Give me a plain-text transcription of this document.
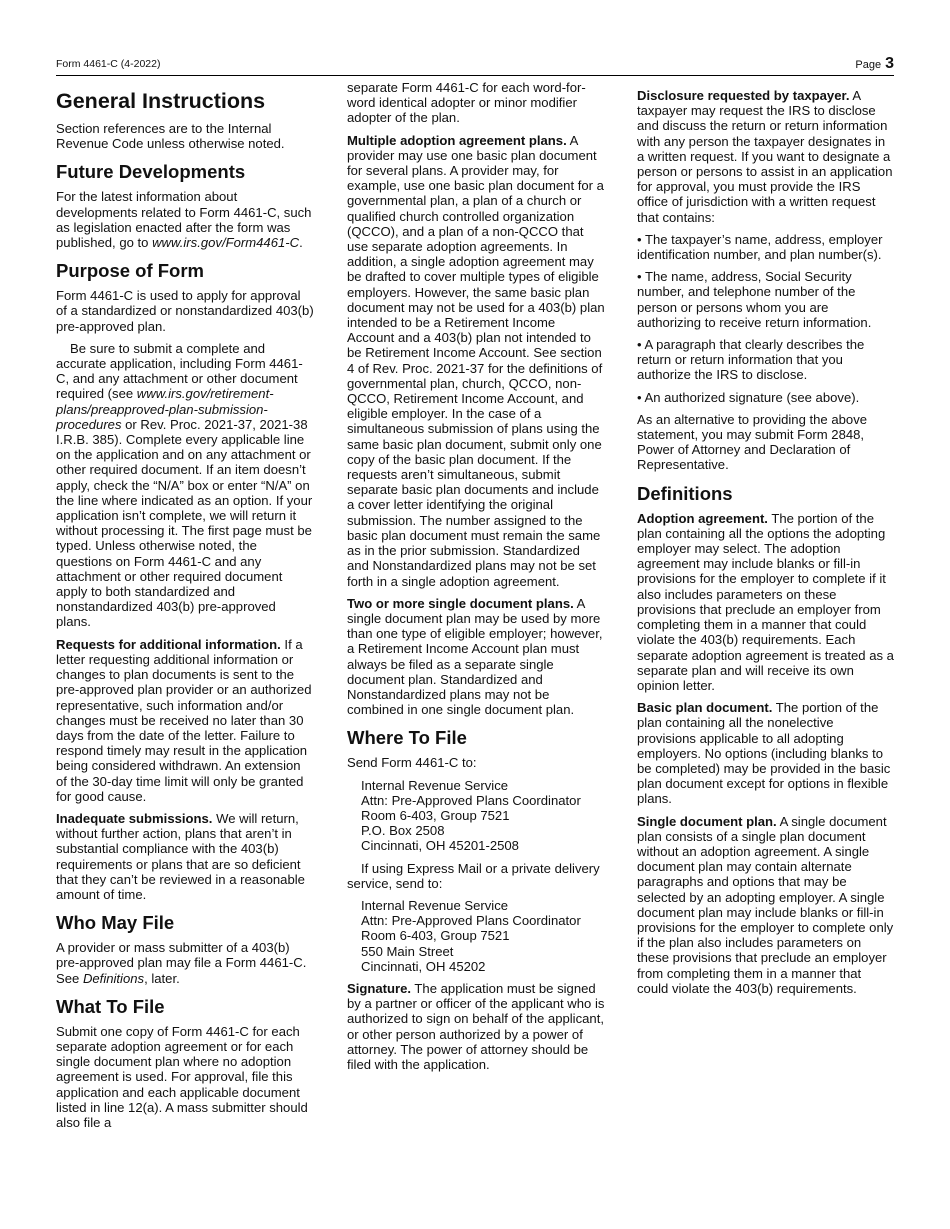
Form 4461-C (4-2022)	Page 3
General Instructions

Section references are to the Internal Revenue Code unless otherwise noted.

Future Developments

For the latest information about developments related to Form 4461-C, such as legislation enacted after the form was published, go to www.irs.gov/Form4461-C.

Purpose of Form

Form 4461-C is used to apply for approval of a standardized or nonstandardized 403(b) pre-approved plan.

Be sure to submit a complete and accurate application, including Form 4461-C, and any attachment or other document required (see www.irs.gov/retirement-plans/preapproved-plan-submission-procedures or Rev. Proc. 2021-37, 2021-38 I.R.B. 385). Complete every applicable line on the application and on any attachment or other required document. If an item doesn’t apply, check the “N/A” box or enter “N/A” on the line where indicated as an option. If your application isn’t complete, we will return it without processing it. The first page must be typed. Unless otherwise noted, the questions on Form 4461-C and any attachment or other required document apply to both standardized and nonstandardized 403(b) pre-approved plans.

Requests for additional information. If a letter requesting additional information or changes to plan documents is sent to the pre-approved plan provider or an authorized representative, such information and/or changes must be received no later than 30 days from the date of the letter. Failure to respond timely may result in the application being considered withdrawn. An extension of the 30-day time limit will only be granted for good cause.

Inadequate submissions. We will return, without further action, plans that aren’t in substantial compliance with the 403(b) requirements or plans that are so deficient that they can’t be reviewed in a reasonable amount of time.

Who May File

A provider or mass submitter of a 403(b) pre-approved plan may file a Form 4461-C. See Definitions, later.

What To File

Submit one copy of Form 4461-C for each separate adoption agreement or for each single document plan where no adoption agreement is used. For approval, file this application and each applicable document listed in line 12(a). A mass submitter should also file a

separate Form 4461-C for each word-for-word identical adopter or minor modifier adopter of the plan.

Multiple adoption agreement plans. A provider may use one basic plan document for several plans. A provider may, for example, use one basic plan document for a governmental plan, a plan of a church or qualified church controlled organization (QCCO), and a plan of a non-QCCO that use separate adoption agreements. In addition, a single adoption agreement may be drafted to cover multiple types of eligible employers. However, the same basic plan document may not be used for a 403(b) plan intended to be a Retirement Income Account and a 403(b) plan not intended to be Retirement Income Account. See section 4 of Rev. Proc. 2021-37 for the definitions of governmental plan, church, QCCO, non-QCCO, Retirement Income Account, and eligible employer. In the case of a simultaneous submission of plans using the same basic plan document, submit only one copy of the basic plan document. If the requests aren’t simultaneous, submit separate basic plan documents and include a cover letter identifying the original submission. The number assigned to the basic plan document must remain the same as in the prior submission. Standardized and Nonstandardized plans may not be set forth in a single adoption agreement.

Two or more single document plans. A single document plan may be used by more than one type of eligible employer; however, a Retirement Income Account plan must always be filed as a separate single document plan. Standardized and Nonstandardized plans may not be combined in one single document plan.

Where To File

Send Form 4461-C to:

Internal Revenue Service
Attn: Pre-Approved Plans Coordinator
Room 6-403, Group 7521
P.O. Box 2508
Cincinnati, OH 45201-2508

If using Express Mail or a private delivery service, send to:

Internal Revenue Service
Attn: Pre-Approved Plans Coordinator
Room 6-403, Group 7521
550 Main Street
Cincinnati, OH 45202

Signature. The application must be signed by a partner or officer of the applicant who is authorized to sign on behalf of the applicant, or other person authorized by a power of attorney. The power of attorney should be filed with the application.

Disclosure requested by taxpayer. A taxpayer may request the IRS to disclose and discuss the return or return information with any person the taxpayer designates in a written request. If you want to designate a person or persons to assist in an application for approval, you must provide the IRS office of jurisdiction with a written request that contains:

• The taxpayer’s name, address, employer identification number, and plan number(s).

• The name, address, Social Security number, and telephone number of the person or persons whom you are authorizing to receive return information.

• A paragraph that clearly describes the return or return information that you authorize the IRS to disclose.

• An authorized signature (see above).

As an alternative to providing the above statement, you may submit Form 2848, Power of Attorney and Declaration of Representative.

Definitions

Adoption agreement. The portion of the plan containing all the options the adopting employer may select. The adoption agreement may include blanks or fill-in provisions for the employer to complete if it also includes parameters on these provisions that preclude an employer from completing them in a manner that could violate the 403(b) requirements. Each separate adoption agreement is treated as a separate plan and will receive its own opinion letter.

Basic plan document. The portion of the plan containing all the nonelective provisions applicable to all adopting employers. No options (including blanks to be completed) may be provided in the basic plan document except for options in flexible plans.

Single document plan. A single document plan consists of a single plan document without an adoption agreement. A single document plan may contain alternate paragraphs and options that may be selected by an adopting employer. A single document plan may include blanks or fill-in provisions for the employer to complete only if the plan also includes parameters on these provisions that preclude an employer from completing them in a manner that could violate the 403(b) requirements.
